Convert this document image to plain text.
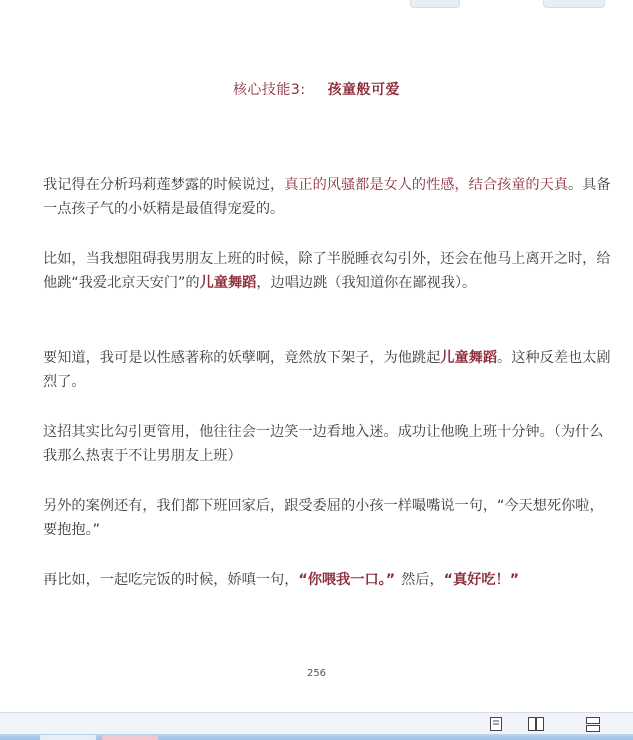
核心技能3: 孩童般可爱

我记得在分析玛莉莲梦露的时候说过，真正的风骚都是女人的性感，结合孩童的天真。具备一点孩子气的小妖精是最值得宠爱的。

比如，当我想阻碍我男朋友上班的时候，除了半脱睡衣勾引外，还会在他马上离开之时，给他跳“我爱北京天安门”的儿童舞蹈，边唱边跳（我知道你在鄙视我）。

要知道，我可是以性感著称的妖孽啊，竟然放下架子，为他跳起儿童舞蹈。这种反差也太剧烈了。

这招其实比勾引更管用，他往往会一边笑一边看地入迷。成功让他晚上班十分钟。（为什么我那么热衷于不让男朋友上班）

另外的案例还有，我们都下班回家后，跟受委屈的小孩一样嘬嘴说一句，“今天想死你啦，要抱抱。”

再比如，一起吃完饭的时候，娇嗔一句，“你喂我一口。” 然后，“真好吃！”

256
